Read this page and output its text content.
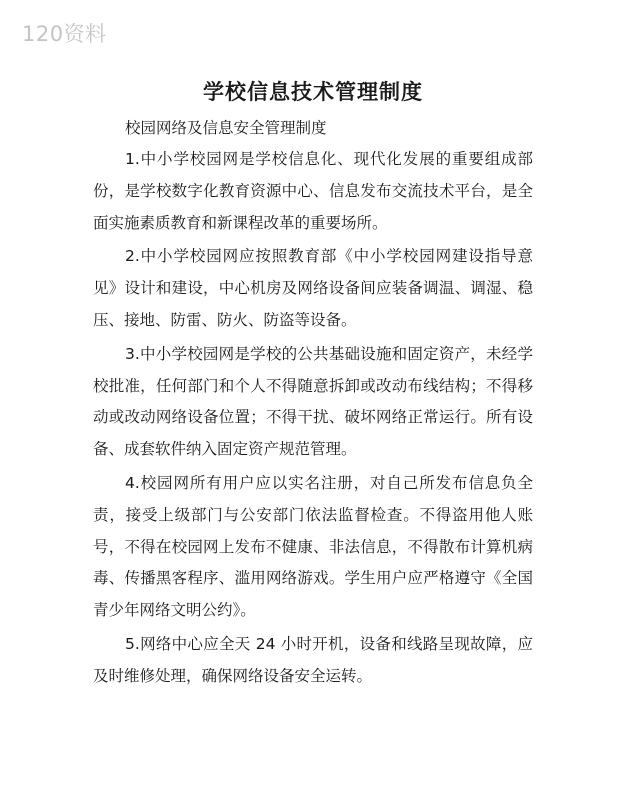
120资料
学校信息技术管理制度

校园网络及信息安全管理制度

1.中小学校园网是学校信息化、现代化发展的重要组成部份，是学校数字化教育资源中心、信息发布交流技术平台，是全面实施素质教育和新课程改革的重要场所。

2.中小学校园网应按照教育部《中小学校园网建设指导意见》设计和建设，中心机房及网络设备间应装备调温、调湿、稳压、接地、防雷、防火、防盗等设备。

3.中小学校园网是学校的公共基础设施和固定资产，未经学校批准，任何部门和个人不得随意拆卸或改动布线结构；不得移动或改动网络设备位置；不得干扰、破坏网络正常运行。所有设备、成套软件纳入固定资产规范管理。

4.校园网所有用户应以实名注册，对自己所发布信息负全责，接受上级部门与公安部门依法监督检查。不得盗用他人账号，不得在校园网上发布不健康、非法信息，不得散布计算机病毒、传播黑客程序、滥用网络游戏。学生用户应严格遵守《全国青少年网络文明公约》。

5.网络中心应全天 24 小时开机，设备和线路呈现故障，应及时维修处理，确保网络设备安全运转。
